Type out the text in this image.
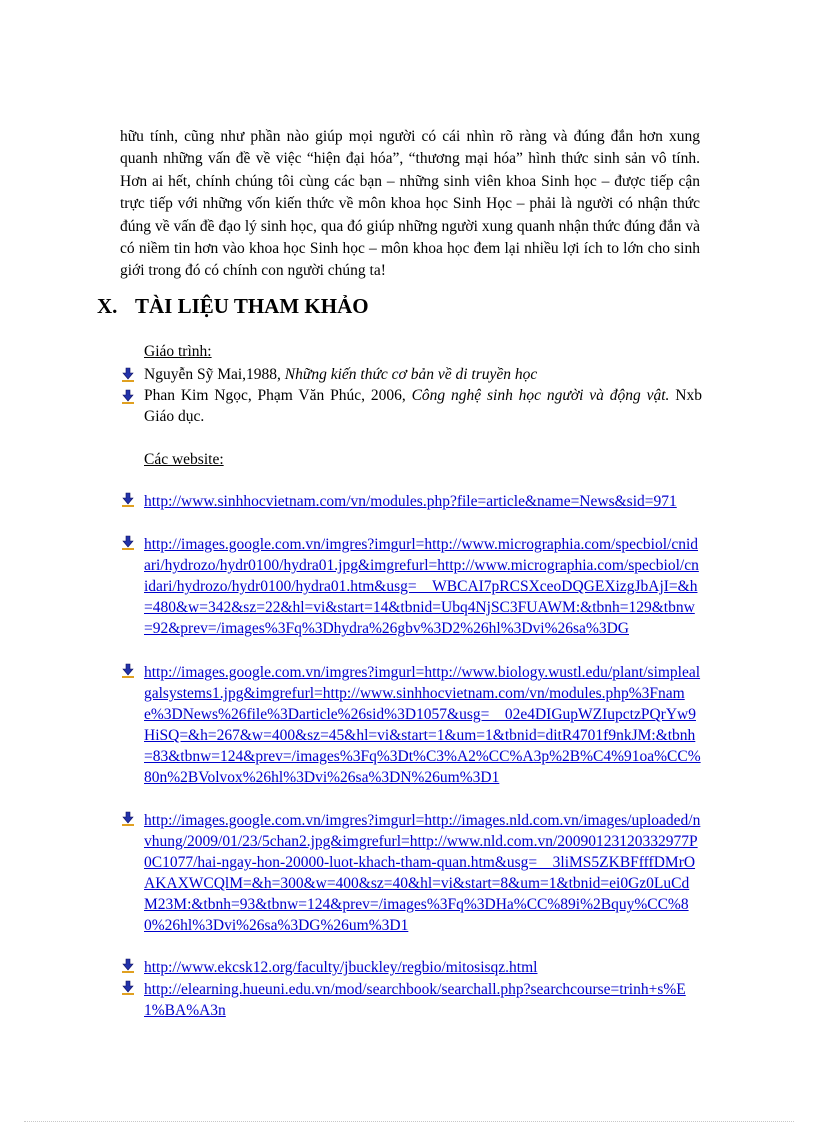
hữu tính, cũng như phần nào giúp mọi người có cái nhìn rõ ràng và đúng đắn hơn xung quanh những vấn đề về việc “hiện đại hóa”, “thương mại hóa” hình thức sinh sản vô tính. Hơn ai hết, chính chúng tôi cùng các bạn – những sinh viên khoa Sinh học – được tiếp cận trực tiếp với những vốn kiến thức về môn khoa học Sinh Học – phải là người có nhận thức đúng về vấn đề đạo lý sinh học, qua đó giúp những người xung quanh nhận thức đúng đắn và có niềm tin hơn vào khoa học Sinh học – môn khoa học đem lại nhiều lợi ích to lớn cho sinh giới trong đó có chính con người chúng ta!

X. TÀI LIỆU THAM KHẢO
Giáo trình:
Nguyễn Sỹ Mai,1988, Những kiến thức cơ bản về di truyền học
Phan Kim Ngọc, Phạm Văn Phúc, 2006, Công nghệ sinh học người và động vật. Nxb Giáo dục.
Các website:
http://www.sinhhocvietnam.com/vn/modules.php?file=article&name=News&sid=971
http://images.google.com.vn/imgres?imgurl=http://www.micrographia.com/specbiol/cnidari/hydrozo/hydr0100/hydra01.jpg&imgrefurl=http://www.micrographia.com/specbiol/cnidari/hydrozo/hydr0100/hydra01.htm&usg=__WBCAI7pRCSXceoDQGEXizgJbAjI=&h=480&w=342&sz=22&hl=vi&start=14&tbnid=Ubq4NjSC3FUAWM:&tbnh=129&tbnw=92&prev=/images%3Fq%3Dhydra%26gbv%3D2%26hl%3Dvi%26sa%3DG
http://images.google.com.vn/imgres?imgurl=http://www.biology.wustl.edu/plant/simplealgalsystems1.jpg&imgrefurl=http://www.sinhhocvietnam.com/vn/modules.php%3Fname%3DNews%26file%3Darticle%26sid%3D1057&usg=__02e4DIGupWZIupctzPQrYw9HiSQ=&h=267&w=400&sz=45&hl=vi&start=1&um=1&tbnid=ditR4701f9nkJM:&tbnh=83&tbnw=124&prev=/images%3Fq%3Dt%C3%A2%CC%A3p%2B%C4%91oa%CC%80n%2BVolvox%26hl%3Dvi%26sa%3DN%26um%3D1
http://images.google.com.vn/imgres?imgurl=http://images.nld.com.vn/images/uploaded/nvhung/2009/01/23/5chan2.jpg&imgrefurl=http://www.nld.com.vn/20090123120332977P0C1077/hai-ngay-hon-20000-luot-khach-tham-quan.htm&usg=__3liMS5ZKBFfffDMrOAKAXWCQlM=&h=300&w=400&sz=40&hl=vi&start=8&um=1&tbnid=ei0Gz0LuCdM23M:&tbnh=93&tbnw=124&prev=/images%3Fq%3DHa%CC%89i%2Bquy%CC%80%26hl%3Dvi%26sa%3DG%26um%3D1
http://www.ekcsk12.org/faculty/jbuckley/regbio/mitosisqz.html
http://elearning.hueuni.edu.vn/mod/searchbook/searchall.php?searchcourse=trinh+s%E1%BA%A3n
